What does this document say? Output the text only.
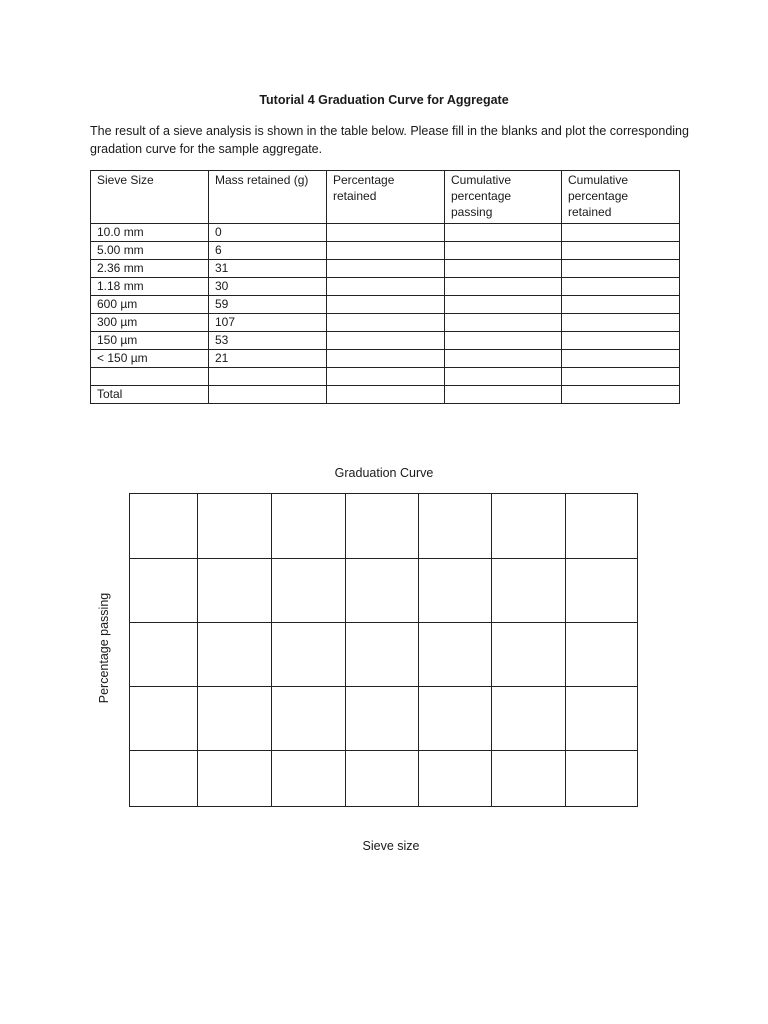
Tutorial 4 Graduation Curve for Aggregate
The result of a sieve analysis is shown in the table below. Please fill in the blanks and plot the corresponding gradation curve for the sample aggregate.
Sieve Size	Mass retained (g)	Percentage retained	Cumulative percentage passing	Cumulative percentage retained
10.0 mm	0			
5.00 mm	6			
2.36 mm	31			
1.18 mm	30			
600 µm	59			
300 µm	107			
150 µm	53			
< 150 µm	21			

Total				
Graduation Curve
Percentage passing
Sieve size
